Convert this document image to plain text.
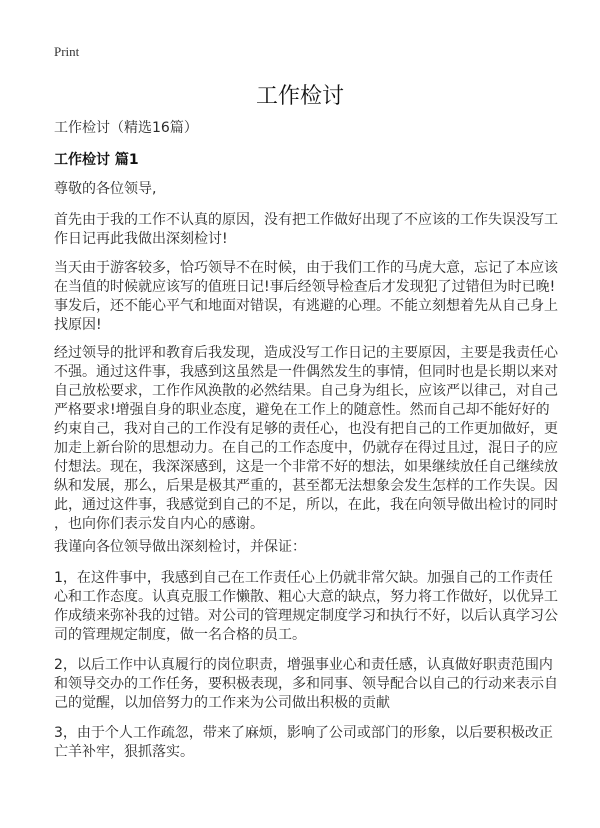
Print
工作检讨
工作检讨（精选16篇）
工作检讨 篇1
尊敬的各位领导,
首先由于我的工作不认真的原因，没有把工作做好出现了不应该的工作失误没写工
作日记再此我做出深刻检讨!
当天由于游客较多，恰巧领导不在时候，由于我们工作的马虎大意，忘记了本应该
在当值的时候就应该写的值班日记!事后经领导检查后才发现犯了过错但为时已晚!
事发后，还不能心平气和地面对错误，有逃避的心理。不能立刻想着先从自己身上
找原因!
经过领导的批评和教育后我发现，造成没写工作日记的主要原因，主要是我责任心
不强。通过这件事，我感到这虽然是一件偶然发生的事情，但同时也是长期以来对
自己放松要求，工作作风涣散的必然结果。自己身为组长，应该严以律己，对自己
严格要求!增强自身的职业态度，避免在工作上的随意性。然而自己却不能好好的
约束自己，我对自己的工作没有足够的责任心，也没有把自己的工作更加做好，更
加走上新台阶的思想动力。在自己的工作态度中，仍就存在得过且过，混日子的应
付想法。现在，我深深感到，这是一个非常不好的想法，如果继续放任自己继续放
纵和发展，那么，后果是极其严重的，甚至都无法想象会发生怎样的工作失误。因
此，通过这件事，我感觉到自己的不足，所以，在此，我在向领导做出检讨的同时
，也向你们表示发自内心的感谢。
我谨向各位领导做出深刻检讨，并保证：
1，在这件事中，我感到自己在工作责任心上仍就非常欠缺。加强自己的工作责任
心和工作态度。认真克服工作懒散、粗心大意的缺点，努力将工作做好，以优异工
作成绩来弥补我的过错。对公司的管理规定制度学习和执行不好，以后认真学习公
司的管理规定制度，做一名合格的员工。
2，以后工作中认真履行的岗位职责，增强事业心和责任感，认真做好职责范围内
和领导交办的工作任务，要积极表现，多和同事、领导配合以自己的行动来表示自
己的觉醒，以加倍努力的工作来为公司做出积极的贡献
3，由于个人工作疏忽，带来了麻烦，影响了公司或部门的形象，以后要积极改正
亡羊补牢，狠抓落实。
